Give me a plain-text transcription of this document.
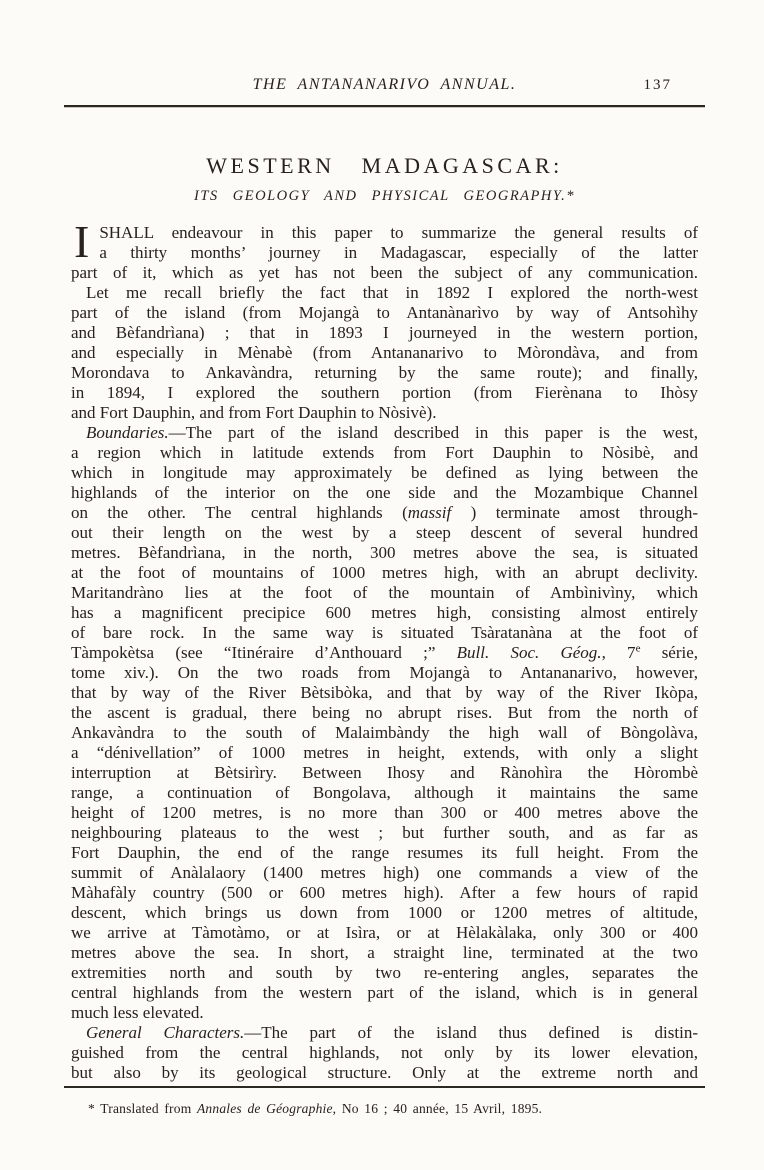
THE ANTANANARIVO ANNUAL.	137
WESTERN MADAGASCAR:
ITS GEOLOGY AND PHYSICAL GEOGRAPHY.*
ISHALL endeavour in this paper to summarize the general results of
a thirty months’ journey in Madagascar, especially of the latter
part of it, which as yet has not been the subject of any communication.
Let me recall briefly the fact that in 1892 I explored the north-west
part of the island (from Mojangà to Antanànarìvo by way of Antsohìhy
and Bèfandrìana) ; that in 1893 I journeyed in the western portion,
and especially in Mènabè (from Antananarivo to Mòrondàva, and from
Morondava to Ankavàndra, returning by the same route); and finally,
in 1894, I explored the southern portion (from Fierènana to Ihòsy
and Fort Dauphin, and from Fort Dauphin to Nòsivè).
Boundaries.—The part of the island described in this paper is the west,
a region which in latitude extends from Fort Dauphin to Nòsibè, and
which in longitude may approximately be defined as lying between the
highlands of the interior on the one side and the Mozambique Channel
on the other. The central highlands (massif ) terminate amost through-
out their length on the west by a steep descent of several hundred
metres. Bèfandrìana, in the north, 300 metres above the sea, is situated
at the foot of mountains of 1000 metres high, with an abrupt declivity.
Maritandràno lies at the foot of the mountain of Ambìnivìny, which
has a magnificent precipice 600 metres high, consisting almost entirely
of bare rock. In the same way is situated Tsàratanàna at the foot of
Tàmpokètsa (see “Itinéraire d’Anthouard ;” Bull. Soc. Géog., 7e série,
tome xiv.). On the two roads from Mojangà to Antananarivo, however,
that by way of the River Bètsibòka, and that by way of the River Ikòpa,
the ascent is gradual, there being no abrupt rises. But from the north of
Ankavàndra to the south of Malaimbàndy the high wall of Bòngolàva,
a “dénivellation” of 1000 metres in height, extends, with only a slight
interruption at Bètsirìry. Between Ihosy and Rànohìra the Hòrombè
range, a continuation of Bongolava, although it maintains the same
height of 1200 metres, is no more than 300 or 400 metres above the
neighbouring plateaus to the west ; but further south, and as far as
Fort Dauphin, the end of the range resumes its full height. From the
summit of Anàlalaory (1400 metres high) one commands a view of the
Màhafàly country (500 or 600 metres high). After a few hours of rapid
descent, which brings us down from 1000 or 1200 metres of altitude,
we arrive at Tàmotàmo, or at Isìra, or at Hèlakàlaka, only 300 or 400
metres above the sea. In short, a straight line, terminated at the two
extremities north and south by two re-entering angles, separates the
central highlands from the western part of the island, which is in general
much less elevated.
General Characters.—The part of the island thus defined is distin-
guished from the central highlands, not only by its lower elevation,
but also by its geological structure. Only at the extreme north and
* Translated from Annales de Géographie, No 16 ; 40 année, 15 Avril, 1895.
